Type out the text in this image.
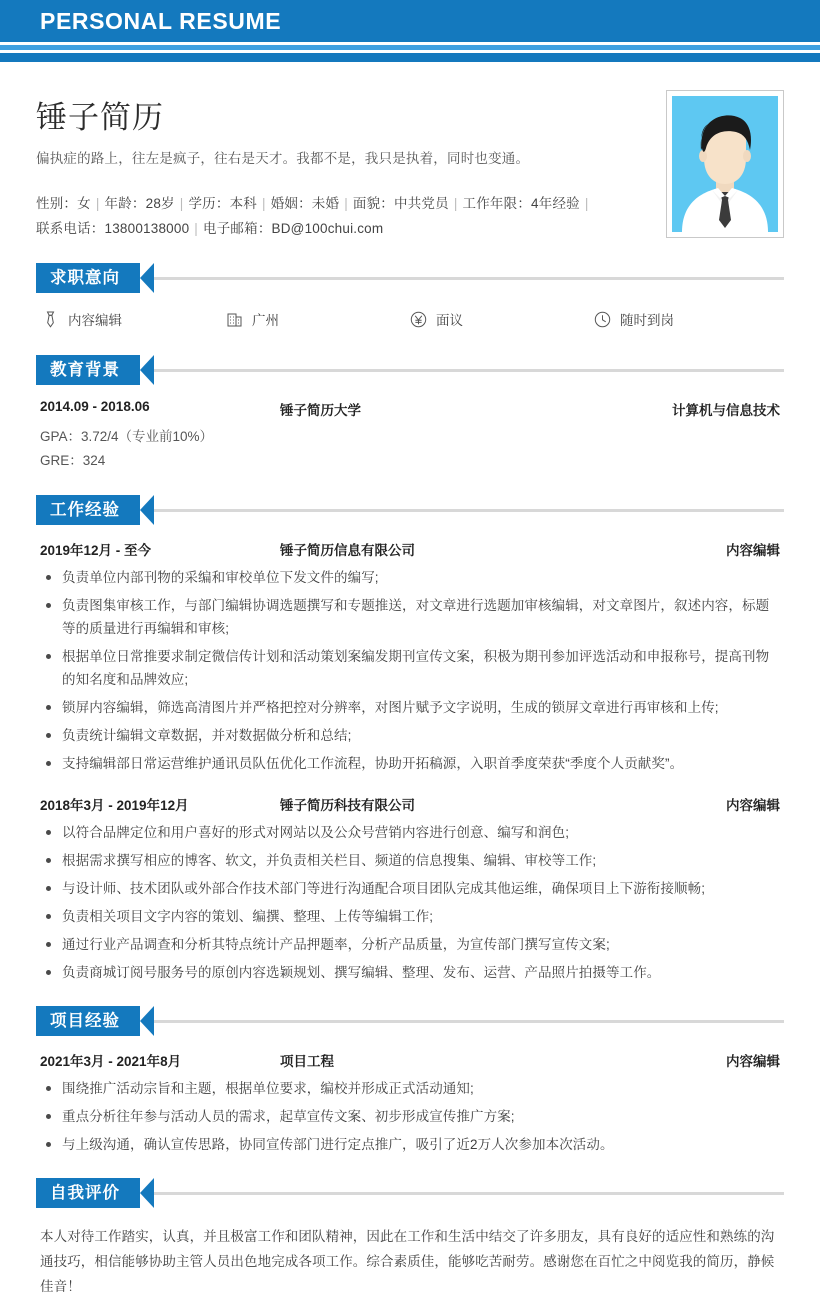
PERSONAL RESUME
锤子简历
偏执症的路上，往左是疯子，往右是天才。我都不是，我只是执着，同时也变通。
性别：女 | 年龄：28岁 | 学历：本科 | 婚姻：未婚 | 面貌：中共党员 | 工作年限：4年经验 |
联系电话：13800138000 | 电子邮箱：BD@100chui.com
求职意向
内容编辑	广州	面议	随时到岗
教育背景
2014.09 - 2018.06	锤子简历大学	计算机与信息技术
GPA：3.72/4（专业前10%）
GRE：324
工作经验
2019年12月 - 至今	锤子简历信息有限公司	内容编辑
负责单位内部刊物的采编和审校单位下发文件的编写;
负责图集审核工作，与部门编辑协调选题撰写和专题推送，对文章进行选题加审核编辑，对文章图片，叙述内容，标题等的质量进行再编辑和审核;
根据单位日常推要求制定微信传计划和活动策划案编发期刊宣传文案，积极为期刊参加评选活动和申报称号，提高刊物的知名度和品牌效应;
锁屏内容编辑，筛选高清图片并严格把控对分辨率，对图片赋予文字说明，生成的锁屏文章进行再审核和上传;
负责统计编辑文章数据，并对数据做分析和总结;
支持编辑部日常运营维护通讯员队伍优化工作流程，协助开拓稿源，入职首季度荣获“季度个人贡献奖”。
2018年3月 - 2019年12月	锤子简历科技有限公司	内容编辑
以符合品牌定位和用户喜好的形式对网站以及公众号营销内容进行创意、编写和润色;
根据需求撰写相应的博客、软文，并负责相关栏目、频道的信息搜集、编辑、审校等工作;
与设计师、技术团队或外部合作技术部门等进行沟通配合项目团队完成其他运维，确保项目上下游衔接顺畅;
负责相关项目文字内容的策划、编撰、整理、上传等编辑工作;
通过行业产品调查和分析其特点统计产品押题率，分析产品质量，为宣传部门撰写宣传文案;
负责商城订阅号服务号的原创内容选颖规划、撰写编辑、整理、发布、运营、产品照片拍摄等工作。
项目经验
2021年3月 - 2021年8月	项目工程	内容编辑
围绕推广活动宗旨和主题，根据单位要求，编校并形成正式活动通知;
重点分析往年参与活动人员的需求，起草宣传文案、初步形成宣传推广方案;
与上级沟通，确认宣传思路，协同宣传部门进行定点推广，吸引了近2万人次参加本次活动。
自我评价
本人对待工作踏实，认真，并且极富工作和团队精神，因此在工作和生活中结交了许多朋友，具有良好的适应性和熟练的沟通技巧，相信能够协助主管人员出色地完成各项工作。综合素质佳，能够吃苦耐劳。感谢您在百忙之中阅览我的简历，静候佳音！
